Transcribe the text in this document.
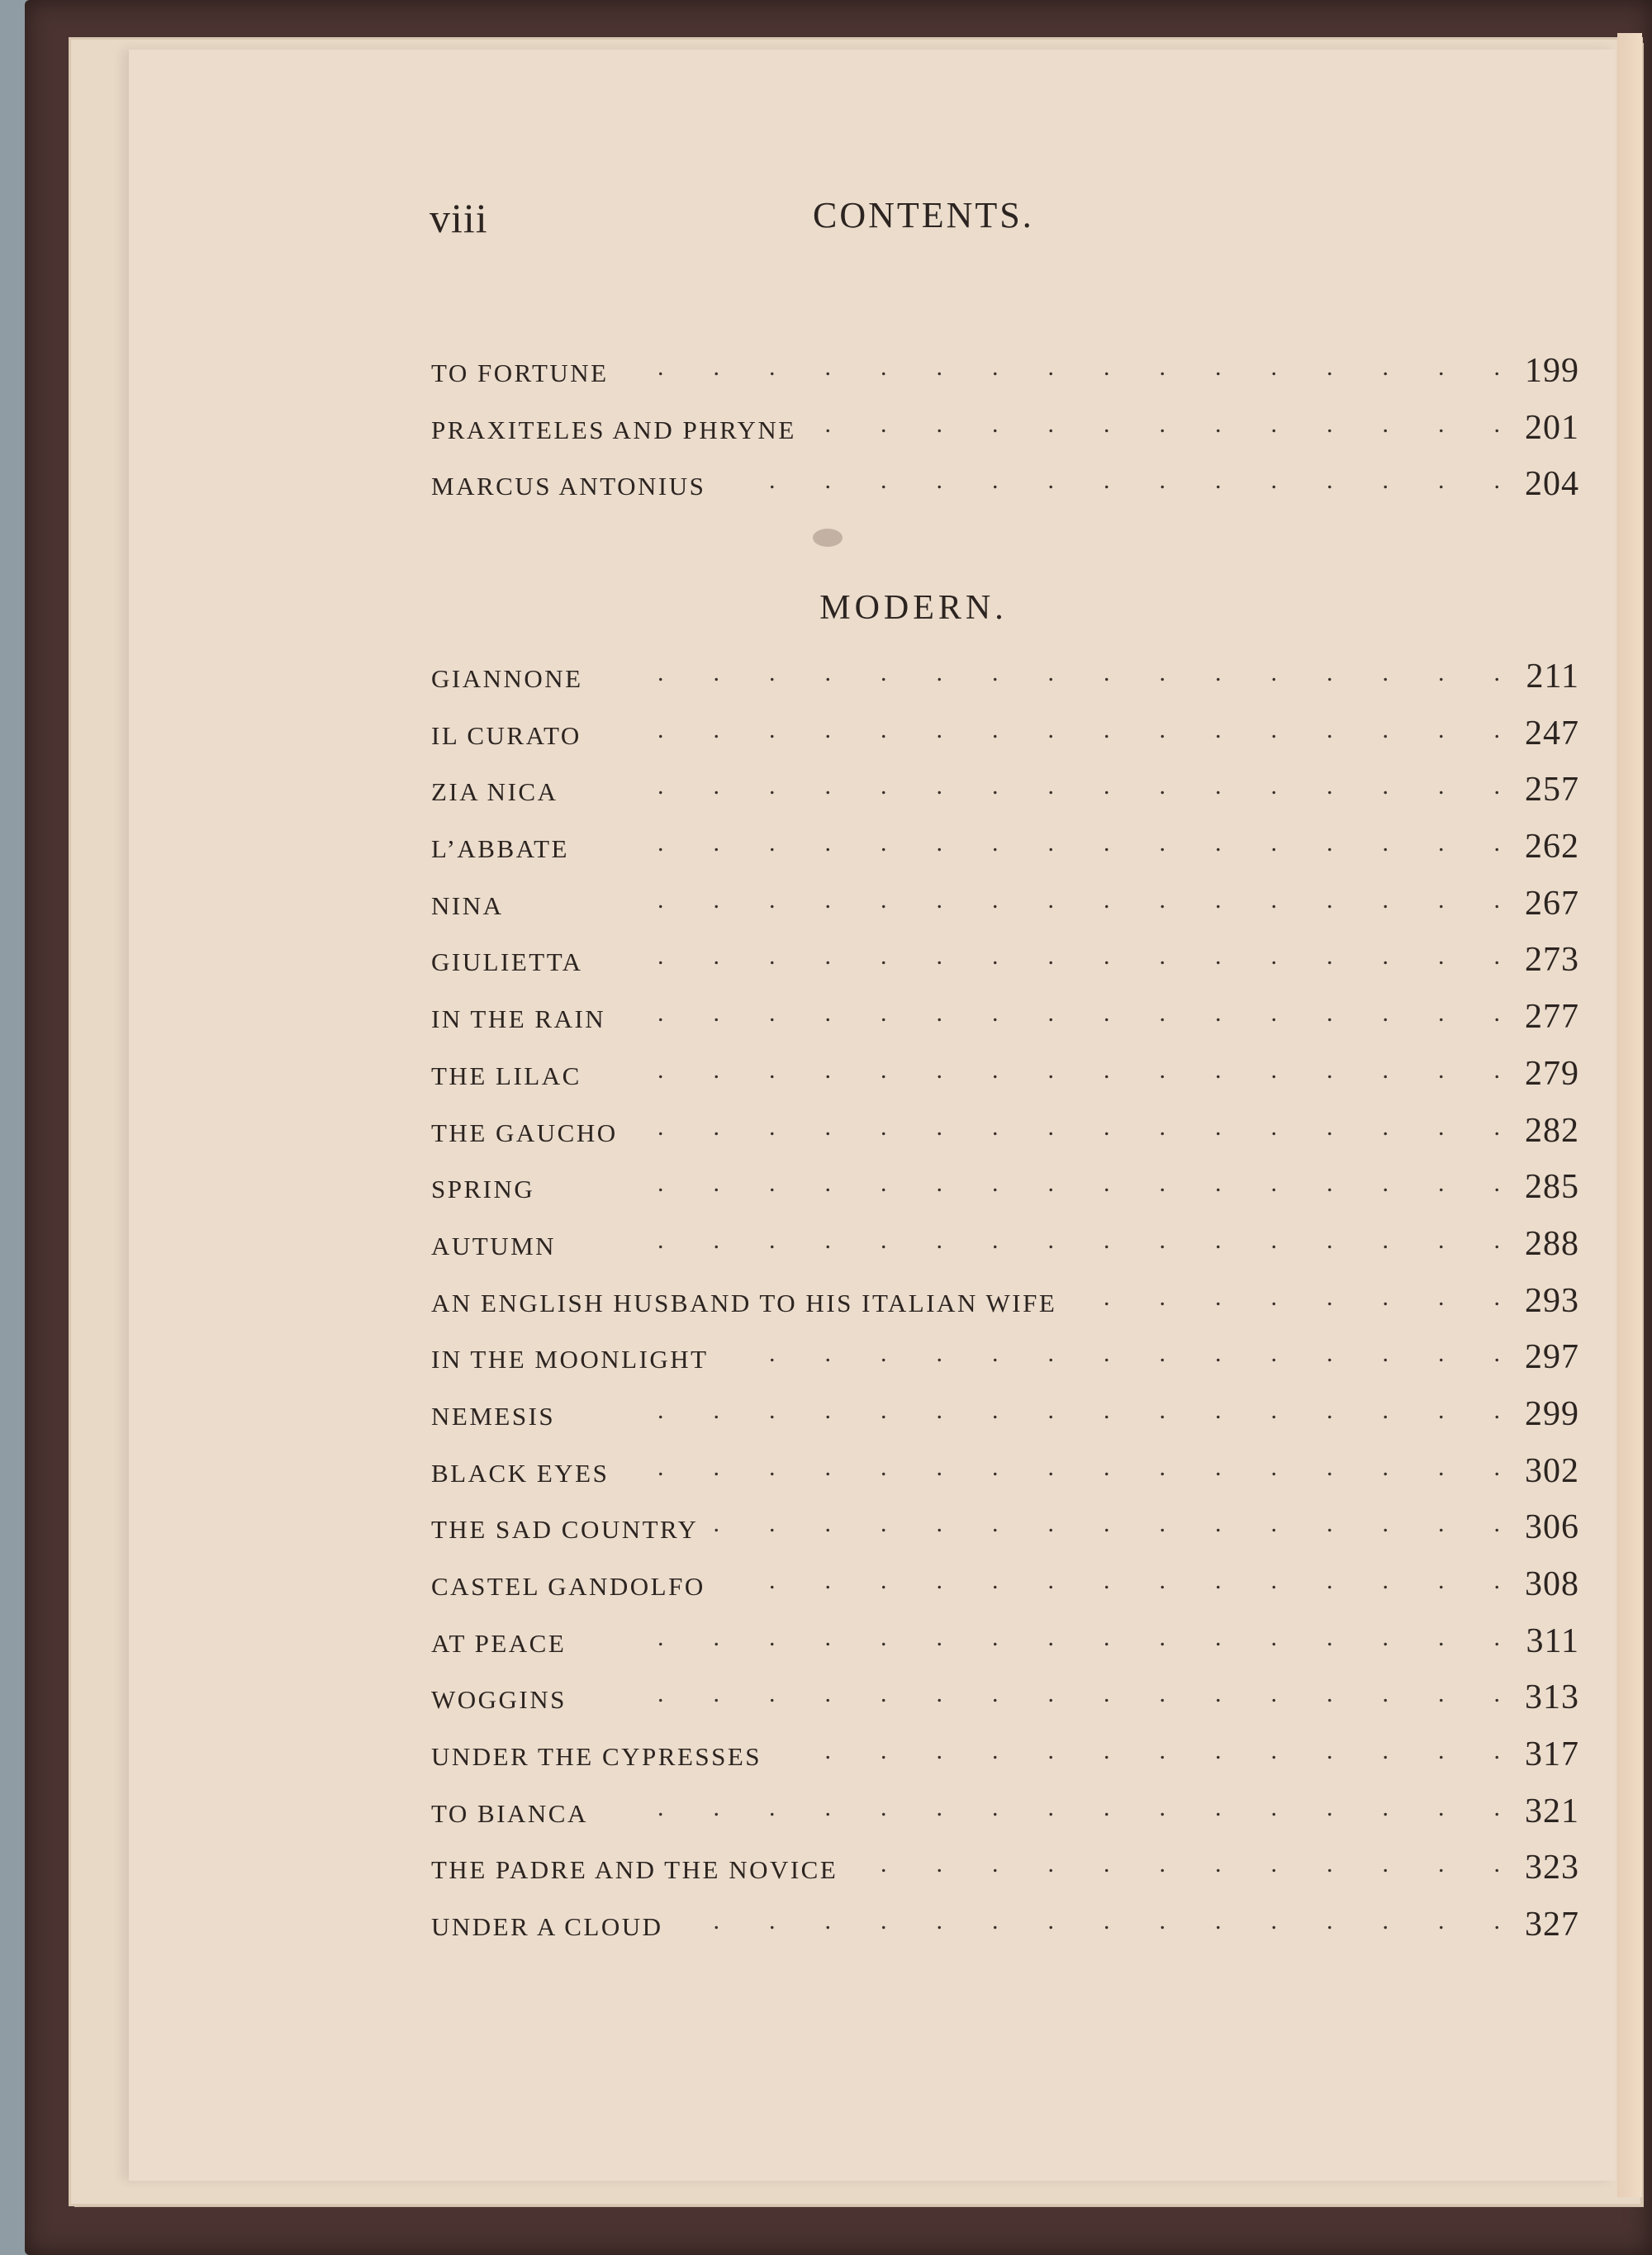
viii	CONTENTS.
TO FORTUNE .	199
PRAXITELES AND PHRYNE .	201
MARCUS ANTONIUS .	204
MODERN.
GIANNONE .	211
IL CURATO .	247
ZIA NICA .	257
L’ABBATE .	262
NINA .	267
GIULIETTA .	273
IN THE RAIN .	277
THE LILAC .	279
THE GAUCHO .	282
SPRING .	285
AUTUMN .	288
AN ENGLISH HUSBAND TO HIS ITALIAN WIFE .	293
IN THE MOONLIGHT .	297
NEMESIS .	299
BLACK EYES .	302
THE SAD COUNTRY .	306
CASTEL GANDOLFO .	308
AT PEACE .	311
WOGGINS .	313
UNDER THE CYPRESSES .	317
TO BIANCA .	321
THE PADRE AND THE NOVICE .	323
UNDER A CLOUD .	327
